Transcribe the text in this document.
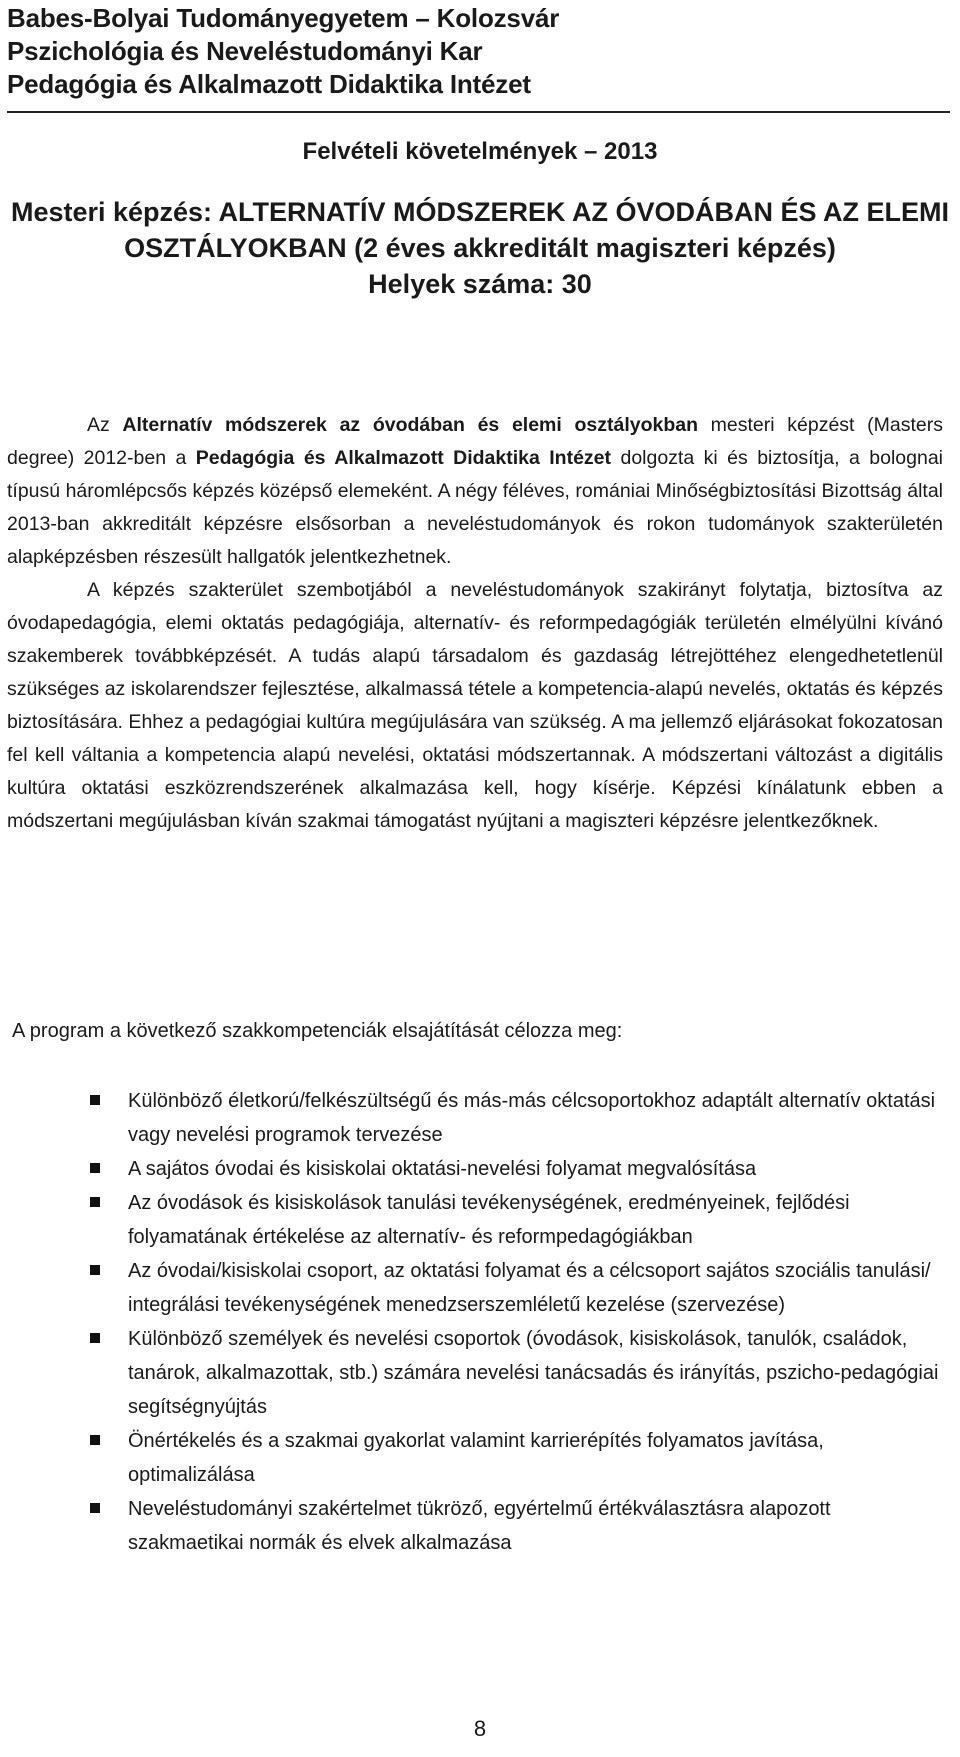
Babes-Bolyai Tudományegyetem – Kolozsvár
Pszichológia és Neveléstudományi Kar
Pedagógia és Alkalmazott Didaktika Intézet
Felvételi követelmények – 2013
Mesteri képzés: ALTERNATÍV MÓDSZEREK AZ ÓVODÁBAN ÉS AZ ELEMI
OSZTÁLYOKBAN (2 éves akkreditált magiszteri képzés)
Helyek száma: 30

Az Alternatív módszerek az óvodában és elemi osztályokban mesteri képzést (Masters degree) 2012-ben a Pedagógia és Alkalmazott Didaktika Intézet dolgozta ki és biztosítja, a bolognai típusú háromlépcsős képzés középső elemeként. A négy féléves, romániai Minőségbiztosítási Bizottság által 2013-ban akkreditált képzésre elsősorban a neveléstudományok és rokon tudományok szakterületén alapképzésben részesült hallgatók jelentkezhetnek.

A képzés szakterület szembotjából a neveléstudományok szakirányt folytatja, biztosítva az óvodapedagógia, elemi oktatás pedagógiája, alternatív- és reformpedagógiák területén elmélyülni kívánó szakemberek továbbképzését. A tudás alapú társadalom és gazdaság létrejöttéhez elengedhetetlenül szükséges az iskolarendszer fejlesztése, alkalmassá tétele a kompetencia-alapú nevelés, oktatás és képzés biztosítására. Ehhez a pedagógiai kultúra megújulására van szükség. A ma jellemző eljárásokat fokozatosan fel kell váltania a kompetencia alapú nevelési, oktatási módszertannak. A módszertani változást a digitális kultúra oktatási eszközrendszerének alkalmazása kell, hogy kísérje. Képzési kínálatunk ebben a módszertani megújulásban kíván szakmai támogatást nyújtani a magiszteri képzésre jelentkezőknek.

A program a következő szakkompetenciák elsajátítását célozza meg:
Különböző életkorú/felkészültségű és más-más célcsoportokhoz adaptált alternatív oktatási vagy nevelési programok tervezése
A sajátos óvodai és kisiskolai oktatási-nevelési folyamat megvalósítása
Az óvodások és kisiskolások tanulási tevékenységének, eredményeinek, fejlődési folyamatának értékelése az alternatív- és reformpedagógiákban
Az óvodai/kisiskolai csoport, az oktatási folyamat és a célcsoport sajátos szociális tanulási/ integrálási tevékenységének menedzserszemléletű kezelése (szervezése)
Különböző személyek és nevelési csoportok (óvodások, kisiskolások, tanulók, családok, tanárok, alkalmazottak, stb.) számára nevelési tanácsadás és irányítás, pszicho-pedagógiai segítségnyújtás
Önértékelés és a szakmai gyakorlat valamint karrierépítés folyamatos javítása, optimalizálása
Neveléstudományi szakértelmet tükröző, egyértelmű értékválasztásra alapozott szakmaetikai normák és elvek alkalmazása
8
